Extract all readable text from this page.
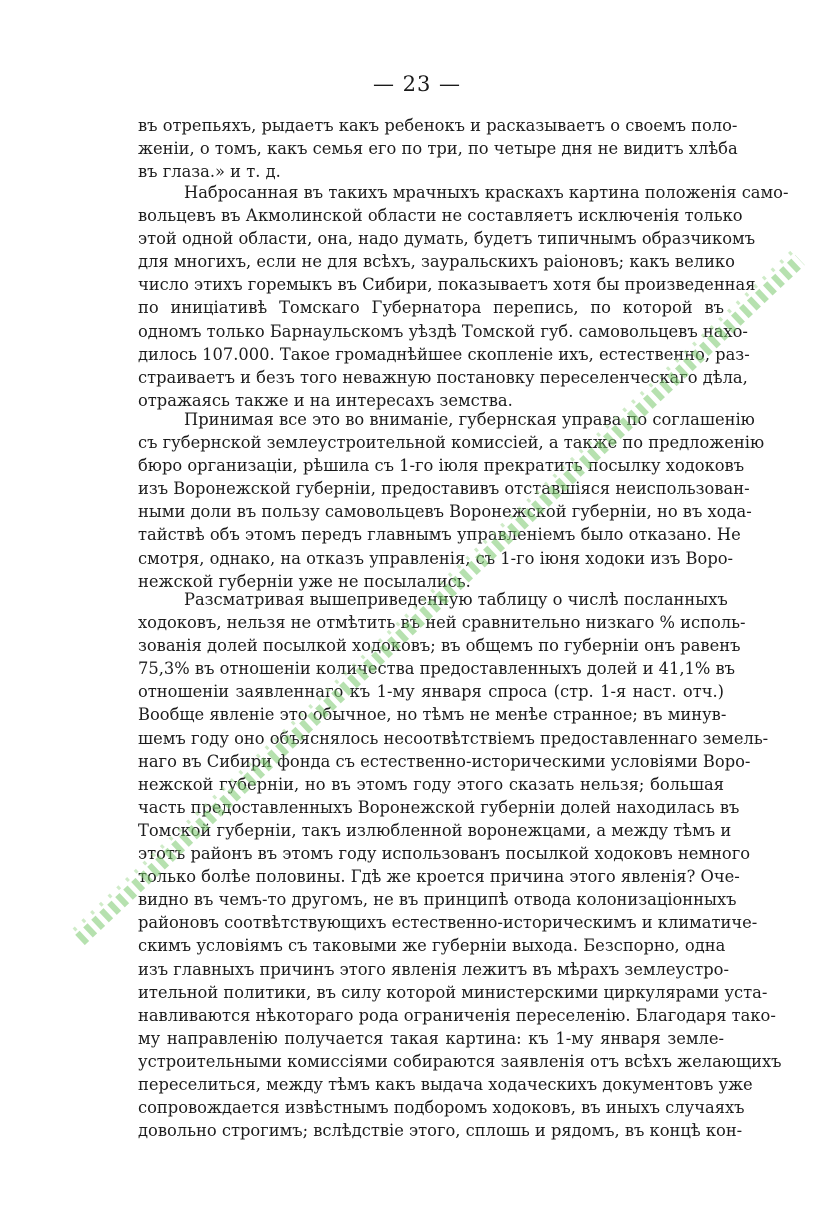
— 23 —
въ отрепьяхъ, рыдаетъ какъ ребенокъ и расказываетъ о своемъ поло-
женіи, о томъ, какъ семья его по три, по четыре дня не видитъ хлѣба
въ глаза.» и т. д.
Набросанная въ такихъ мрачныхъ краскахъ картина положенія само-
вольцевъ въ Акмолинской области не составляетъ исключенія только
этой одной области, она, надо думать, будетъ типичнымъ образчикомъ
для многихъ, если не для всѣхъ, зауральскихъ раіоновъ; какъ велико
число этихъ горемыкъ въ Сибири, показываетъ хотя бы произведенная
по иниціативѣ Томскаго Губернатора перепись, по которой въ
одномъ только Барнаульскомъ уѣздѣ Томской губ. самовольцевъ нахо-
дилось 107.000. Такое громаднѣйшее скопленіе ихъ, естественно, раз-
страиваетъ и безъ того неважную постановку переселенческаго дѣла,
отражаясь также и на интересахъ земства.
Принимая все это во вниманіе, губернская управа по соглашенію
съ губернской землеустроительной комиссіей, а также по предложенію
бюро организаціи, рѣшила съ 1-го іюля прекратить посылку ходоковъ
изъ Воронежской губерніи, предоставивъ отставшіяся неиспользован-
ными доли въ пользу самовольцевъ Воронежской губерніи, но въ хода-
тайствѣ объ этомъ передъ главнымъ управленіемъ было отказано. Не
смотря, однако, на отказъ управленія, съ 1-го іюня ходоки изъ Воро-
нежской губерніи уже не посылались.
Разсматривая вышеприведенную таблицу о числѣ посланныхъ
ходоковъ, нельзя не отмѣтить въ ней сравнительно низкаго % исполь-
зованія долей посылкой ходоковъ; въ общемъ по губерніи онъ равенъ
75,3% въ отношеніи количества предоставленныхъ долей и 41,1% въ
отношеніи заявленнаго къ 1-му января спроса (стр. 1-я наст. отч.)
Вообще явленіе это обычное, но тѣмъ не менѣе странное; въ минув-
шемъ году оно объяснялось несоотвѣтствіемъ предоставленнаго земель-
наго въ Сибири фонда съ естественно-историческими условіями Воро-
нежской губерніи, но въ этомъ году этого сказать нельзя; большая
часть предоставленныхъ Воронежской губерніи долей находилась въ
Томской губерніи, такъ излюбленной воронежцами, а между тѣмъ и
этотъ районъ въ этомъ году использованъ посылкой ходоковъ немного
только болѣе половины. Гдѣ же кроется причина этого явленія? Оче-
видно въ чемъ-то другомъ, не въ принципѣ отвода колонизаціонныхъ
районовъ соотвѣтствующихъ естественно-историческимъ и климатиче-
скимъ условіямъ съ таковыми же губерніи выхода. Безспорно, одна
изъ главныхъ причинъ этого явленія лежитъ въ мѣрахъ землеустро-
ительной политики, въ силу которой министерскими циркулярами уста-
навливаются нѣкотораго рода ограниченія переселенію. Благодаря тако-
му направленію получается такая картина: къ 1-му января земле-
устроительными комиссіями собираются заявленія отъ всѣхъ желающихъ
переселиться, между тѣмъ какъ выдача ходаческихъ документовъ уже
сопровождается извѣстнымъ подборомъ ходоковъ, въ иныхъ случаяхъ
довольно строгимъ; вслѣдствіе этого, сплошь и рядомъ, въ концѣ кон-
